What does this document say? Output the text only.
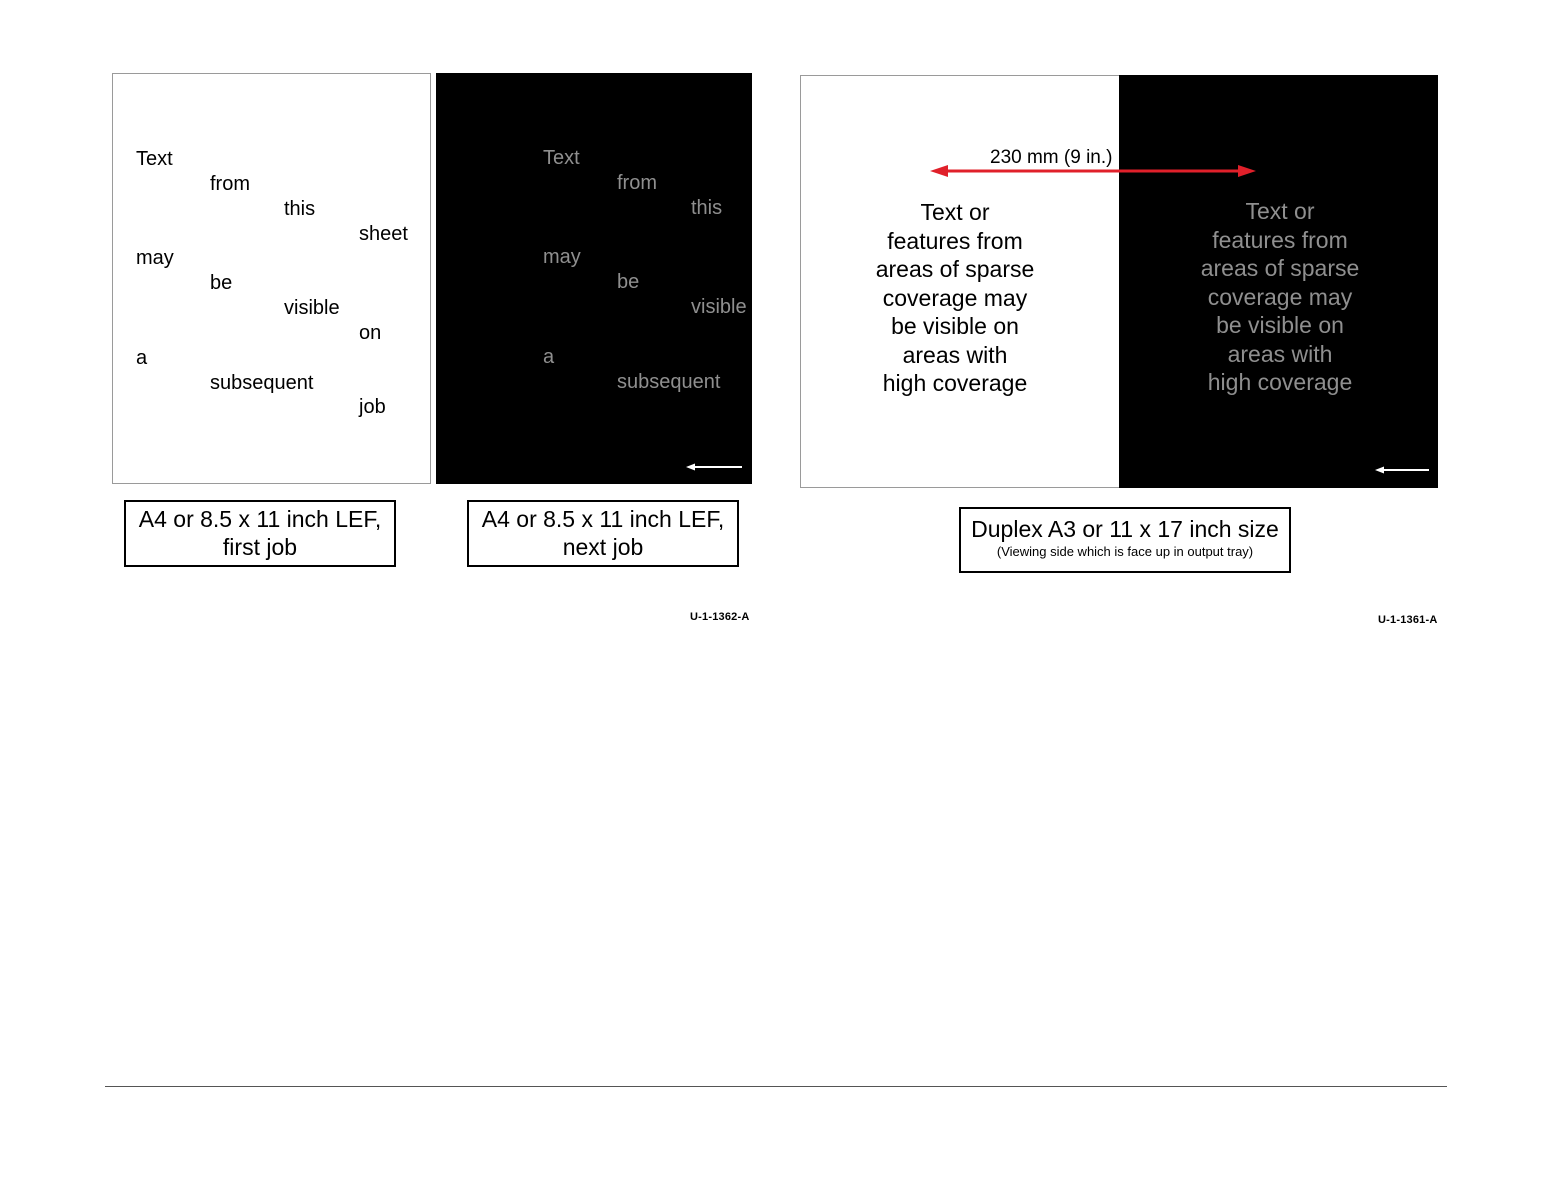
Text
from
this
sheet
may
be
visible
on
a
subsequent
job
Text
from
this
may
be
visible
a
subsequent
A4 or 8.5 x 11 inch LEF,
first job
A4 or 8.5 x 11 inch LEF,
next job
U-1-1362-A
Text or
features from
areas of sparse
coverage may
be visible on
areas with
high coverage
Text or
features from
areas of sparse
coverage may
be visible on
areas with
high coverage
230 mm (9 in.)
Duplex A3 or 11 x 17 inch size
(Viewing side which is face up in output tray)
U-1-1361-A
